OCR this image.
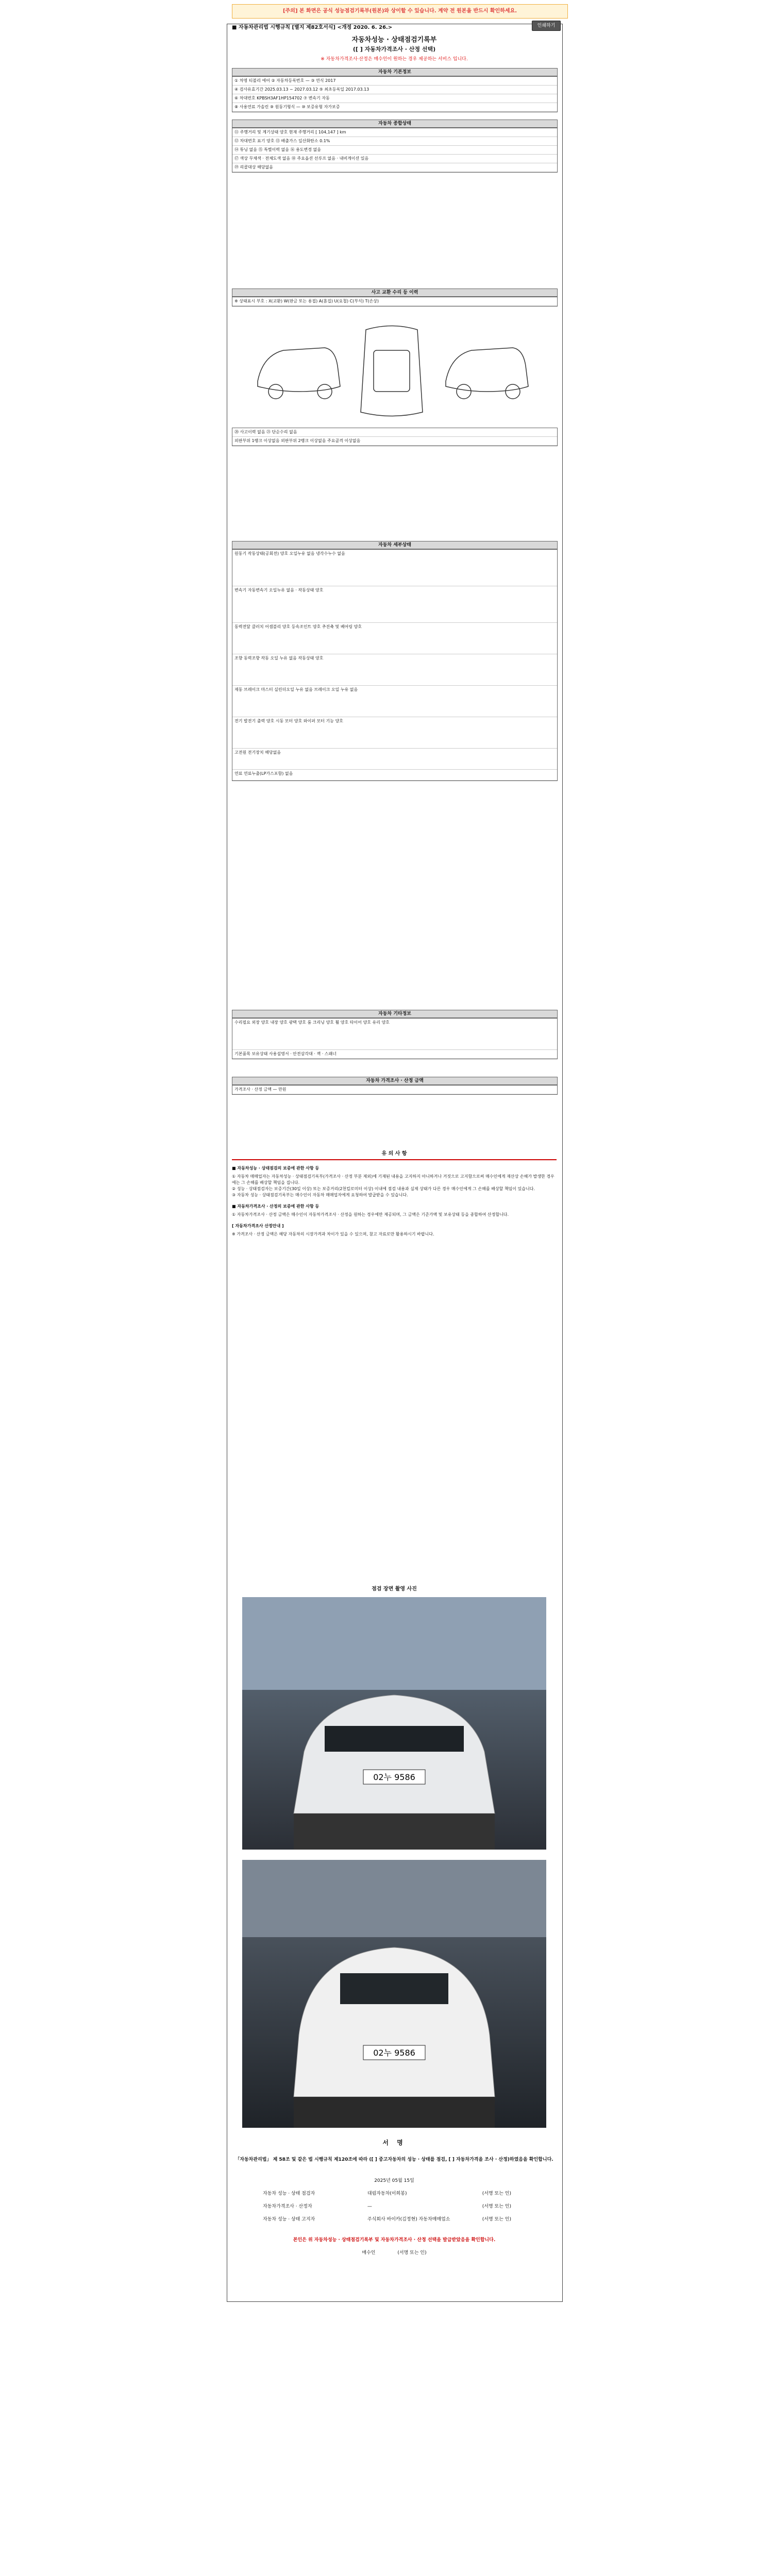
[주의] 본 화면은 공식 성능점검기록부(원본)와 상이할 수 있습니다. 계약 전 원본을 반드시 확인하세요.
■ 자동차관리법 시행규칙 [별지 제82호서식] <개정 2020. 6. 26.>	인쇄하기
자동차성능 · 상태점검기록부
([ ] 자동차가격조사 · 산정 선택)
※ 자동차가격조사·산정은 매수인이 원하는 경우 제공하는 서비스 입니다.
자동차 기본정보
① 차명 티볼리 에어 ② 자동차등록번호 — ③ 연식 2017
④ 검사유효기간 2025.03.13 ~ 2027.03.12 ⑤ 최초등록일 2017.03.13
⑥ 차대번호 KPBSH3AF1HP154702 ⑦ 변속기 자동
⑧ 사용연료 가솔린 ⑨ 원동기형식 — ⑩ 보증유형 자가보증
자동차 종합상태
⑪ 주행거리 및 계기상태 양호 현재 주행거리 [ 104,147 ] km
⑫ 차대번호 표기 양호 ⑬ 배출가스 일산화탄소 0.1%
⑭ 튜닝 없음 ⑮ 특별이력 없음 ⑯ 용도변경 없음
⑰ 색상 무채색 · 전체도색 없음 ⑱ 주요옵션 선루프 없음 · 내비게이션 있음
⑲ 리콜대상 해당없음
사고 교환 수리 등 이력
※ 상태표시 부호 : X(교환) W(판금 또는 용접) A(흠집) U(요철) C(부식) T(손상)
⑳ 사고이력 없음 ㉑ 단순수리 없음
외판부위 1랭크 이상없음 외판부위 2랭크 이상없음 주요골격 이상없음
자동차 세부상태
원동기 작동상태(공회전) 양호 오일누유 없음 냉각수누수 없음
변속기 자동변속기 오일누유 없음 · 작동상태 양호
동력전달 클러치 어셈블리 양호 등속조인트 양호 추진축 및 베어링 양호
조향 동력조향 작동 오일 누유 없음 작동상태 양호
제동 브레이크 마스터 실린더오일 누유 없음 브레이크 오일 누유 없음
전기 발전기 출력 양호 시동 모터 양호 와이퍼 모터 기능 양호
고전원 전기장치 해당없음
연료 연료누출(LP가스포함) 없음
자동차 기타정보
수리필요 외장 양호 내장 양호 광택 양호 룸 크리닝 양호 휠 양호 타이어 양호 유리 양호
기본품목 보유상태 사용설명서 · 안전삼각대 · 잭 · 스패너
자동차 가격조사 · 산정 금액
가격조사 · 산정 금액 — 만원
유 의 사 항
■ 자동차성능 · 상태점검의 보증에 관한 사항 등
① 자동차 매매업자는 자동차성능 · 상태점검기록부(가격조사 · 산정 부분 제외)에 기재된 내용을 고지하지 아니하거나 거짓으로 고지함으로써 매수인에게 재산상 손해가 발생한 경우에는 그 손해를 배상할 책임을 집니다.
② 성능 · 상태점검자는 보증기간(30일 이상) 또는 보증거리(2천킬로미터 이상) 이내에 점검 내용과 실제 상태가 다른 경우 매수인에게 그 손해를 배상할 책임이 있습니다.
③ 자동차 성능 · 상태점검기록부는 매수인이 자동차 매매업자에게 요청하여 발급받을 수 있습니다.
■ 자동차가격조사 · 산정의 보증에 관한 사항 등
① 자동차가격조사 · 산정 금액은 매수인이 자동차가격조사 · 산정을 원하는 경우에만 제공되며, 그 금액은 기준가액 및 보유상태 등을 종합하여 산정합니다.
[ 자동차가격조사 산정안내 ]
※ 가격조사 · 산정 금액은 해당 자동차의 시장가격과 차이가 있을 수 있으며, 참고 자료로만 활용하시기 바랍니다.
점검 장면 촬영 사진
02누 9586
02누 9586
서 명
「자동차관리법」 제 58조 및 같은 법 시행규칙 제120조에 따라 ([ ] 중고자동차의 성능 · 상태를 점검, [ ] 자동차가격을 조사 · 산정)하였음을 확인합니다.
2025년 05월 15일
자동차 성능 · 상태 점검자	대림자동차(이희봉)	(서명 또는 인)
자동차가격조사 · 산정자	—	(서명 또는 인)
자동차 성능 · 상태 고지자	주식회사 바이카(김정현) 자동차매매업소	(서명 또는 인)
본인은 위 자동차성능 · 상태점검기록부 및 자동차가격조사 · 산정 선택을 발급받았음을 확인합니다.
매수인	(서명 또는 인)
